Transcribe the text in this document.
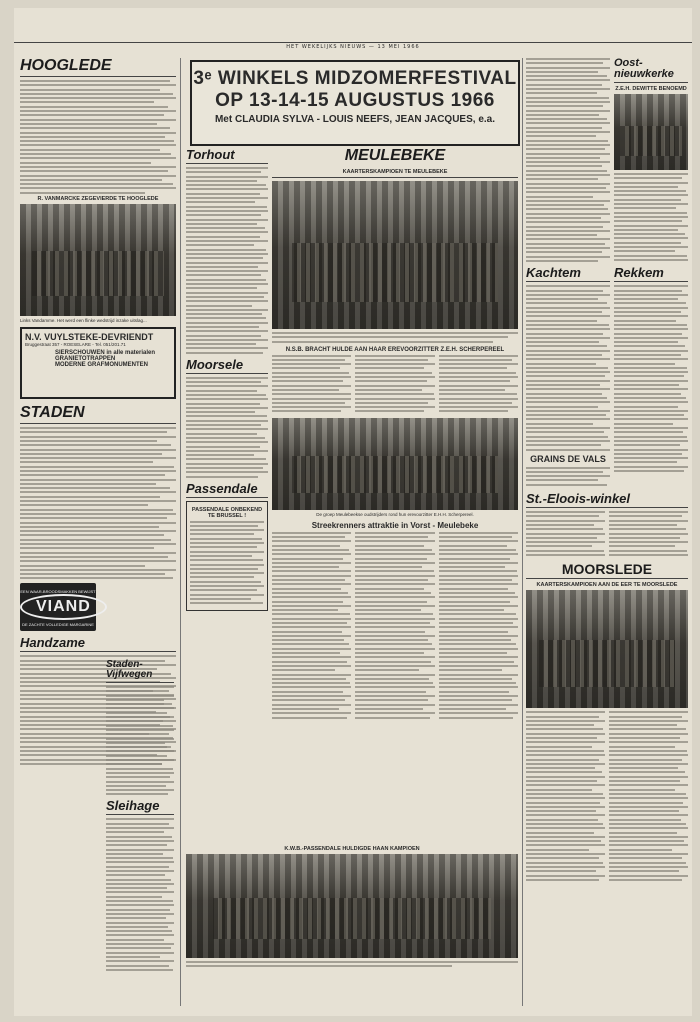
HET WEKELIJKS NIEUWS — 13 MEI 1966
HOOGLEDE
R. VANMARCKE ZEGEVIERDE TE HOOGLEDE
Links Vandamme. Het werd een flinke wedstrijd inzake uitslag...
N.V. VUYLSTEKE-DEVRIENDT
Bruggestraat 357 - ROESELARE - Tel. 051/201.71
SIERSCHOUWEN in alle materialen
GRANIETOTRAPPEN
MODERNE GRAFMONUMENTEN
STADEN
EEN WAAR-BROODSMAKKEN BEWIJST
VIAND
DE ZACHTE VOLLEDIGE MARGARINE
Handzame
3ᵉ WINKELS MIDZOMERFESTIVAL
OP 13-14-15 AUGUSTUS 1966
Met CLAUDIA SYLVA - LOUIS NEEFS, JEAN JACQUES, e.a.
Torhout
Moorsele
Passendale
PASSENDALE ONBEKEND TE BRUSSEL !
MEULEBEKE
KAARTERSKAMPIOEN TE MEULEBEKE
N.S.B. BRACHT HULDE AAN HAAR EREVOORZITTER Z.E.H. SCHERPEREEL
De groep Meulebeekse oudstrijders rond hun erevoorzitter E.H.H. Scherpereel.
Streekrenners attraktie in Vorst - Meulebeke
K.W.B.-PASSENDALE HULDIGDE HAAN KAMPIOEN
Oost-nieuwkerke
Z.E.H. DEWITTE BENOEMD
Kachtem
GRAINS DE VALS
Rekkem
St.-Eloois-winkel
MOORSLEDE
KAARTERSKAMPIOEN AAN DE EER TE MOORSLEDE
Staden-Vijfwegen
Sleihage
